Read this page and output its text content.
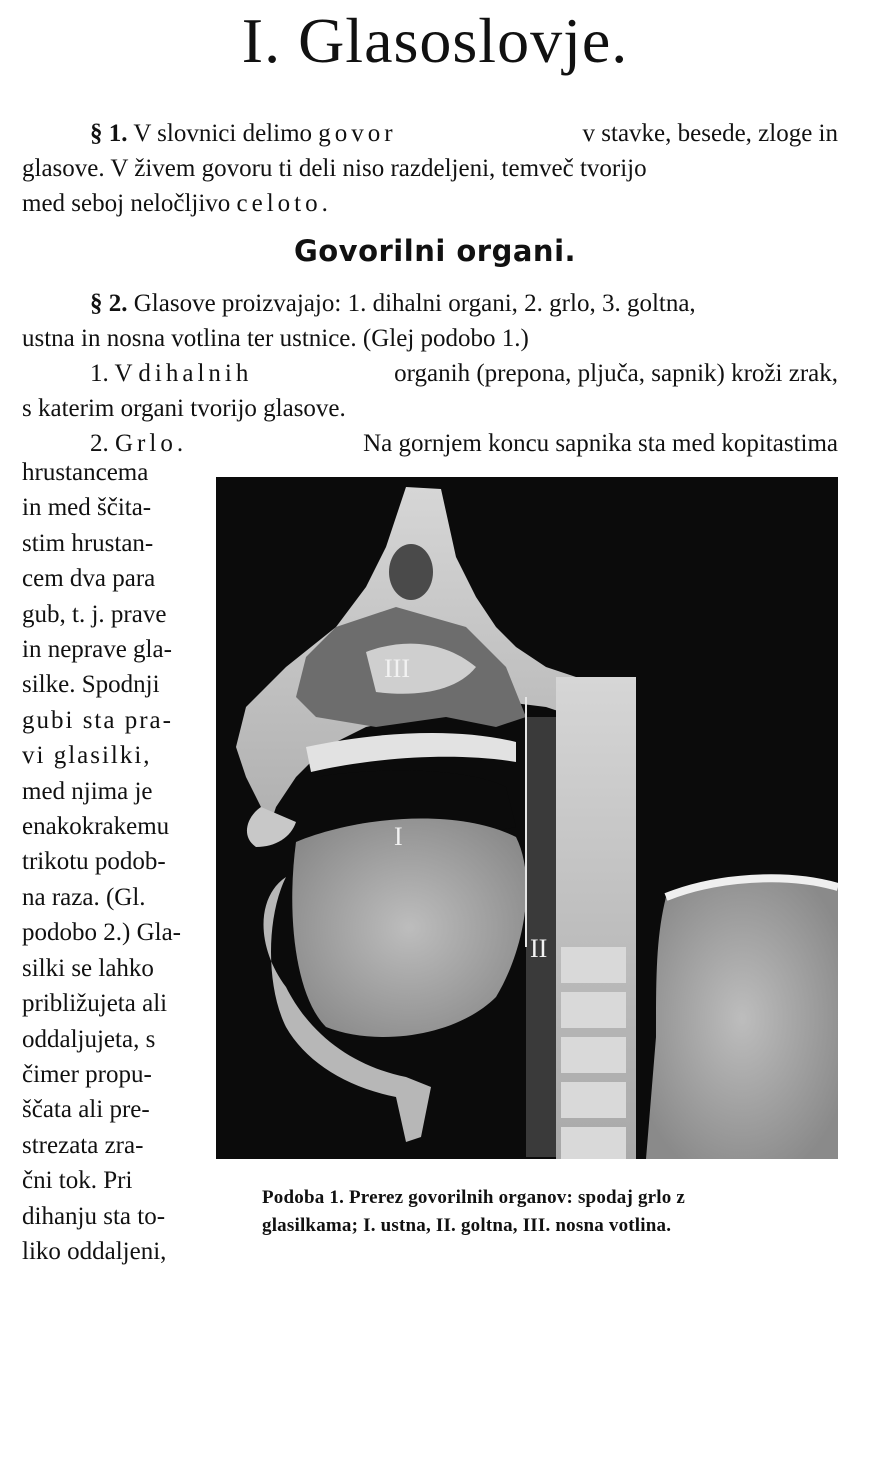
I. Glasoslovje.
§ 1. V slovnici delimo govor	v stavke, besede, zloge in
glasove. V živem govoru ti deli niso razdeljeni, temveč tvorijo
med seboj neločljivo celoto.
Govorilni organi.
§ 2. Glasove proizvajajo: 1. dihalni organi, 2. grlo, 3. goltna,
ustna in nosna votlina ter ustnice. (Glej podobo 1.)
1. V dihalnih	organih (prepona, pljuča, sapnik) kroži zrak,
s katerim organi tvorijo glasove.
2. Grlo.	Na gornjem koncu sapnika sta med kopitastima
hrustancema
in med ščita-
stim hrustan-
cem dva para
gub, t. j. prave
in neprave gla-
silke. Spodnji
gubi sta pra-
vi glasilki,
med njima je
enakokrakemu
trikotu podob-
na raza. (Gl.
podobo 2.) Gla-
silki se lahko
približujeta ali
oddaljujeta, s
čimer propu-
ščata ali pre-
strezata zra-
čni tok. Pri
dihanju sta to-
liko oddaljeni,
III
I
II
Podoba 1. Prerez govorilnih organov: spodaj grlo z
glasilkama; I. ustna, II. goltna, III. nosna votlina.
